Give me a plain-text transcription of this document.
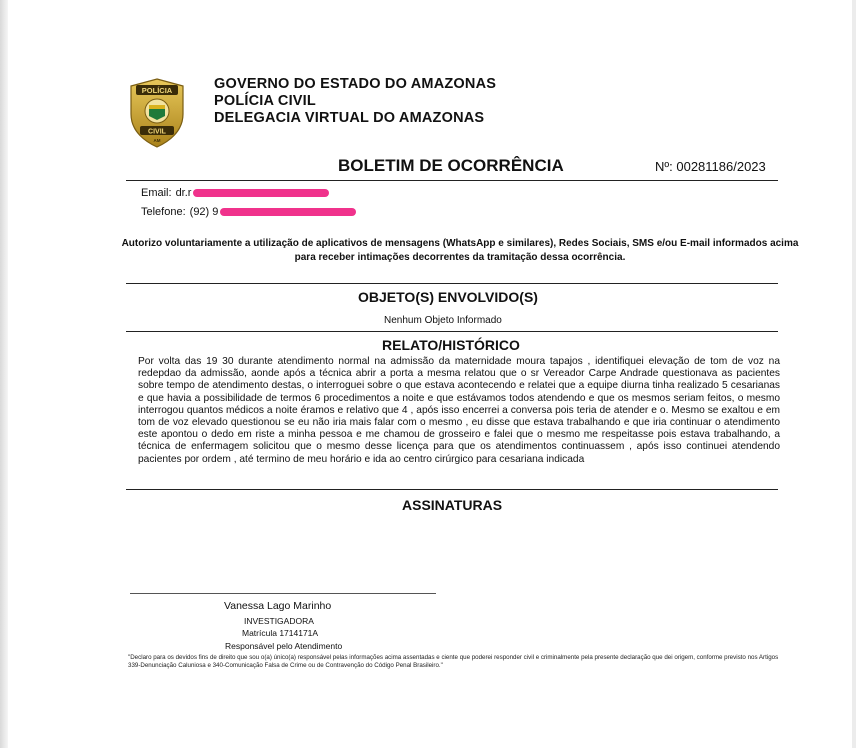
POLÍCIA
CIVIL
AM
GOVERNO DO ESTADO DO AMAZONAS
POLÍCIA CIVIL
DELEGACIA VIRTUAL DO AMAZONAS
BOLETIM DE OCORRÊNCIA	Nº: 00281186/2023
Email: dr.r
Telefone: (92) 9
Autorizo voluntariamente a utilização de aplicativos de mensagens (WhatsApp e similares), Redes Sociais, SMS e/ou E-mail informados acima para receber intimações decorrentes da tramitação dessa ocorrência.
OBJETO(S) ENVOLVIDO(S)
Nenhum Objeto Informado
RELATO/HISTÓRICO
Por volta das 19 30 durante atendimento normal na admissão da maternidade moura tapajos , identifiquei elevação de tom de voz na redepdao da admissão, aonde após a técnica abrir a porta a mesma relatou que o sr Vereador Carpe Andrade questionava as pacientes sobre tempo de atendimento destas, o interroguei sobre o que estava acontecendo e relatei que a equipe diurna tinha realizado 5 cesarianas e que havia a possibilidade de termos 6 procedimentos a noite e que estávamos todos atendendo e que os mesmos seriam feitos, o mesmo interrogou quantos médicos a noite éramos e relativo que 4 , após isso encerrei a conversa pois teria de atender e o. Mesmo se exaltou e em tom de voz elevado questionou se eu não iria mais falar com o mesmo , eu disse que estava trabalhando e que iria continuar o atendimento este apontou o dedo em riste a minha pessoa e me chamou de grosseiro e falei que o mesmo me respeitasse pois estava trabalhando, a técnica de enfermagem solicitou que o mesmo desse licença para que os atendimentos continuassem , após isso continuei atendendo pacientes por ordem , até termino de meu horário e ida ao centro cirúrgico para cesariana indicada
ASSINATURAS
Vanessa Lago Marinho
INVESTIGADORA
Matrícula 1714171A
Responsável pelo Atendimento
"Declaro para os devidos fins de direito que sou o(a) único(a) responsável pelas informações acima assentadas e ciente que poderei responder civil e criminalmente pela presente declaração que dei origem, conforme previsto nos Artigos 339-Denunciação Caluniosa e 340-Comunicação Falsa de Crime ou de Contravenção do Código Penal Brasileiro."
